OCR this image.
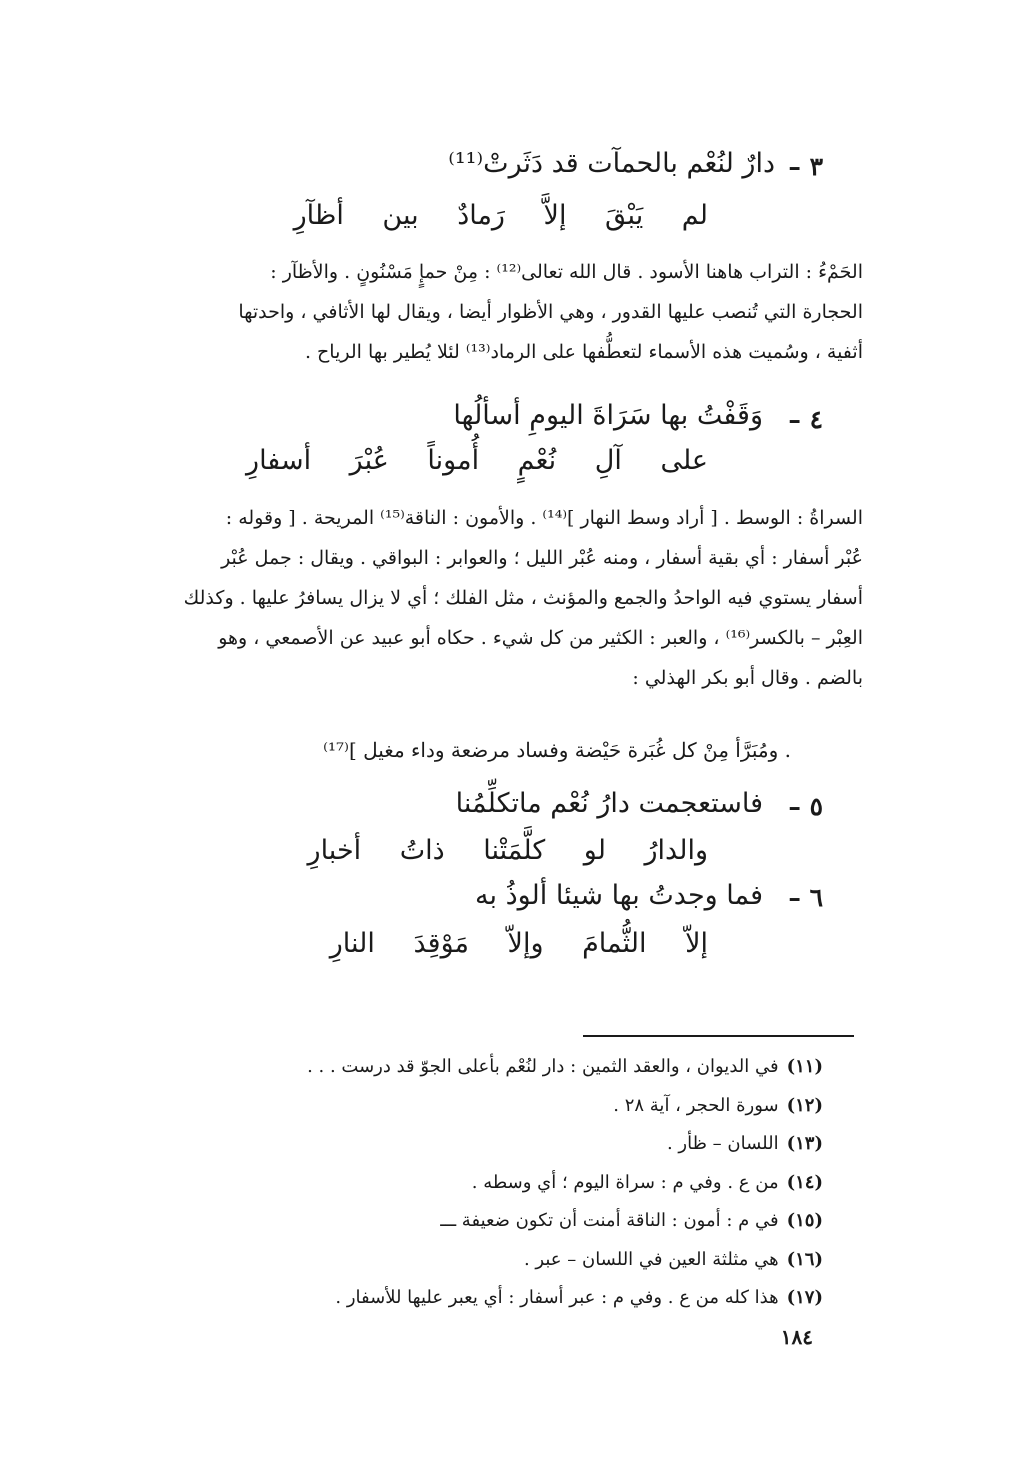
٣ –
دارٌ لنُعْم بالحمآت قد دَثَرتْ⁽¹¹⁾
لم يَبْقَ إلاَّ رَمادٌ بين أظآرِ

الحَمْءُ : التراب هاهنا الأسود . قال الله تعالى⁽¹²⁾ : مِنْ حمإٍ مَسْنُونٍ . والأظآر :

الحجارة التي تُنصب عليها القدور ، وهي الأظوار أيضا ، ويقال لها الأثافي ، واحدتها

أثفية ، وسُميت هذه الأسماء لتعطُّفها على الرماد⁽¹³⁾ لئلا يُطير بها الرياح .

٤ –
وَقَفْتُ بها سَرَاةَ اليومِ أسألُها
على آلِ نُعْمٍ أُموناً عُبْرَ أسفارِ

السراةُ : الوسط . [ أراد وسط النهار ]⁽¹⁴⁾ . والأمون : الناقة⁽¹⁵⁾ المريحة . [ وقوله :

عُبْر أسفار : أي بقية أسفار ، ومنه عُبْر الليل ؛ والعوابر : البواقي . ويقال : جمل عُبْر

أسفار يستوي فيه الواحدُ والجمع والمؤنث ، مثل الفلك ؛ أي لا يزال يسافرُ عليها . وكذلك

العِبْر – بالكسر⁽¹⁶⁾ ، والعبر : الكثير من كل شيء . حكاه أبو عبيد عن الأصمعي ، وهو

بالضم . وقال أبو بكر الهذلي :

. ومُبَرَّأ مِنْ كل غُبَرة حَيْضة وفساد مرضعة وداء مغيل ]⁽¹⁷⁾
٥ –
فاستعجمت دارُ نُعْم ماتكلِّمُنا
والدارُ لو كلَّمَتْنا ذاتُ أخبارِ
٦ –
فما وجدتُ بها شيئا ألوذُ به
إلاّ الثُّمامَ وإلاّ مَوْقِدَ النارِ
(١١)في الديوان ، والعقد الثمين : دار لنُعْم بأعلى الجوّ قد درست . . .
(١٢)سورة الحجر ، آية ٢٨ .
(١٣)اللسان – ظأر .
(١٤)من ع . وفي م : سراة اليوم ؛ أي وسطه .
(١٥)في م : أمون : الناقة أمنت أن تكون ضعيفة ـــ
(١٦)هي مثلثة العين في اللسان – عبر .
(١٧)هذا كله من ع . وفي م : عبر أسفار : أي يعبر عليها للأسفار .
١٨٤
